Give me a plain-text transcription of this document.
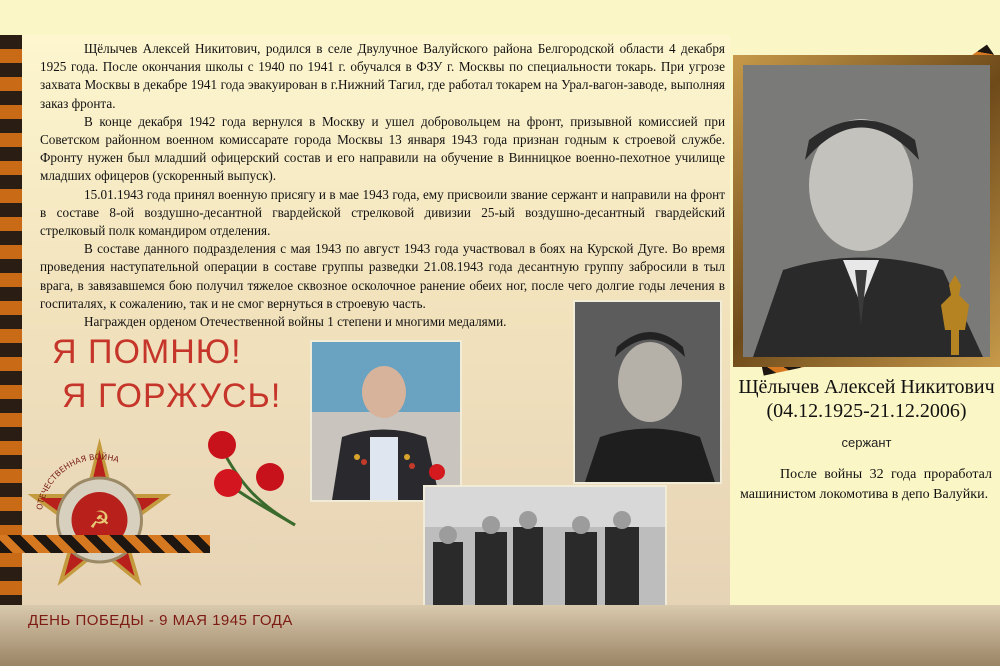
Щёлычев Алексей Никитович, родился в селе Двулучное Валуйского района Белгородской области 4 декабря 1925 года. После окончания школы с 1940 по 1941 г. обучался в ФЗУ г. Москвы по специальности токарь. При угрозе захвата Москвы в декабре 1941 года эвакуирован в г.Нижний Тагил, где работал токарем на Урал-вагон-заводе, выполняя заказ фронта.

В конце декабря 1942 года вернулся в Москву и ушел добровольцем на фронт, призывной комиссией при Советском районном военном комиссарате города Москвы 13 января 1943 года признан годным к строевой службе. Фронту нужен был младший офицерский состав и его направили на обучение в Винницкое военно-пехотное училище младших офицеров (ускоренный выпуск).

15.01.1943 года принял военную присягу и в мае 1943 года, ему присвоили звание сержант и направили на фронт в составе 8-ой воздушно-десантной гвардейской стрелковой дивизии 25-ый воздушно-десантный гвардейский стрелковый полк командиром отделения.

В составе данного подразделения с мая 1943 по август 1943 года участвовал в боях на Курской Дуге. Во время проведения наступательной операции в составе группы разведки 21.08.1943 года десантную группу забросили в тыл врага, в завязавшемся бою получил тяжелое сквозное осколочное ранение обеих ног, после чего долгие годы лечения в госпиталях, к сожалению, так и не смог вернуться в строевую часть.

Награжден орденом Отечественной войны 1 степени и многими медалями.

Я ПОМНЮ!
Я ГОРЖУСЬ!
☭
ОТЕЧЕСТВЕННАЯ ВОЙНА
Щёлычев Алексей Никитович
(04.12.1925-21.12.2006)
сержант

После войны 32 года проработал машинистом локомотива в депо Валуйки.

ДЕНЬ ПОБЕДЫ - 9 МАЯ 1945 ГОДА
